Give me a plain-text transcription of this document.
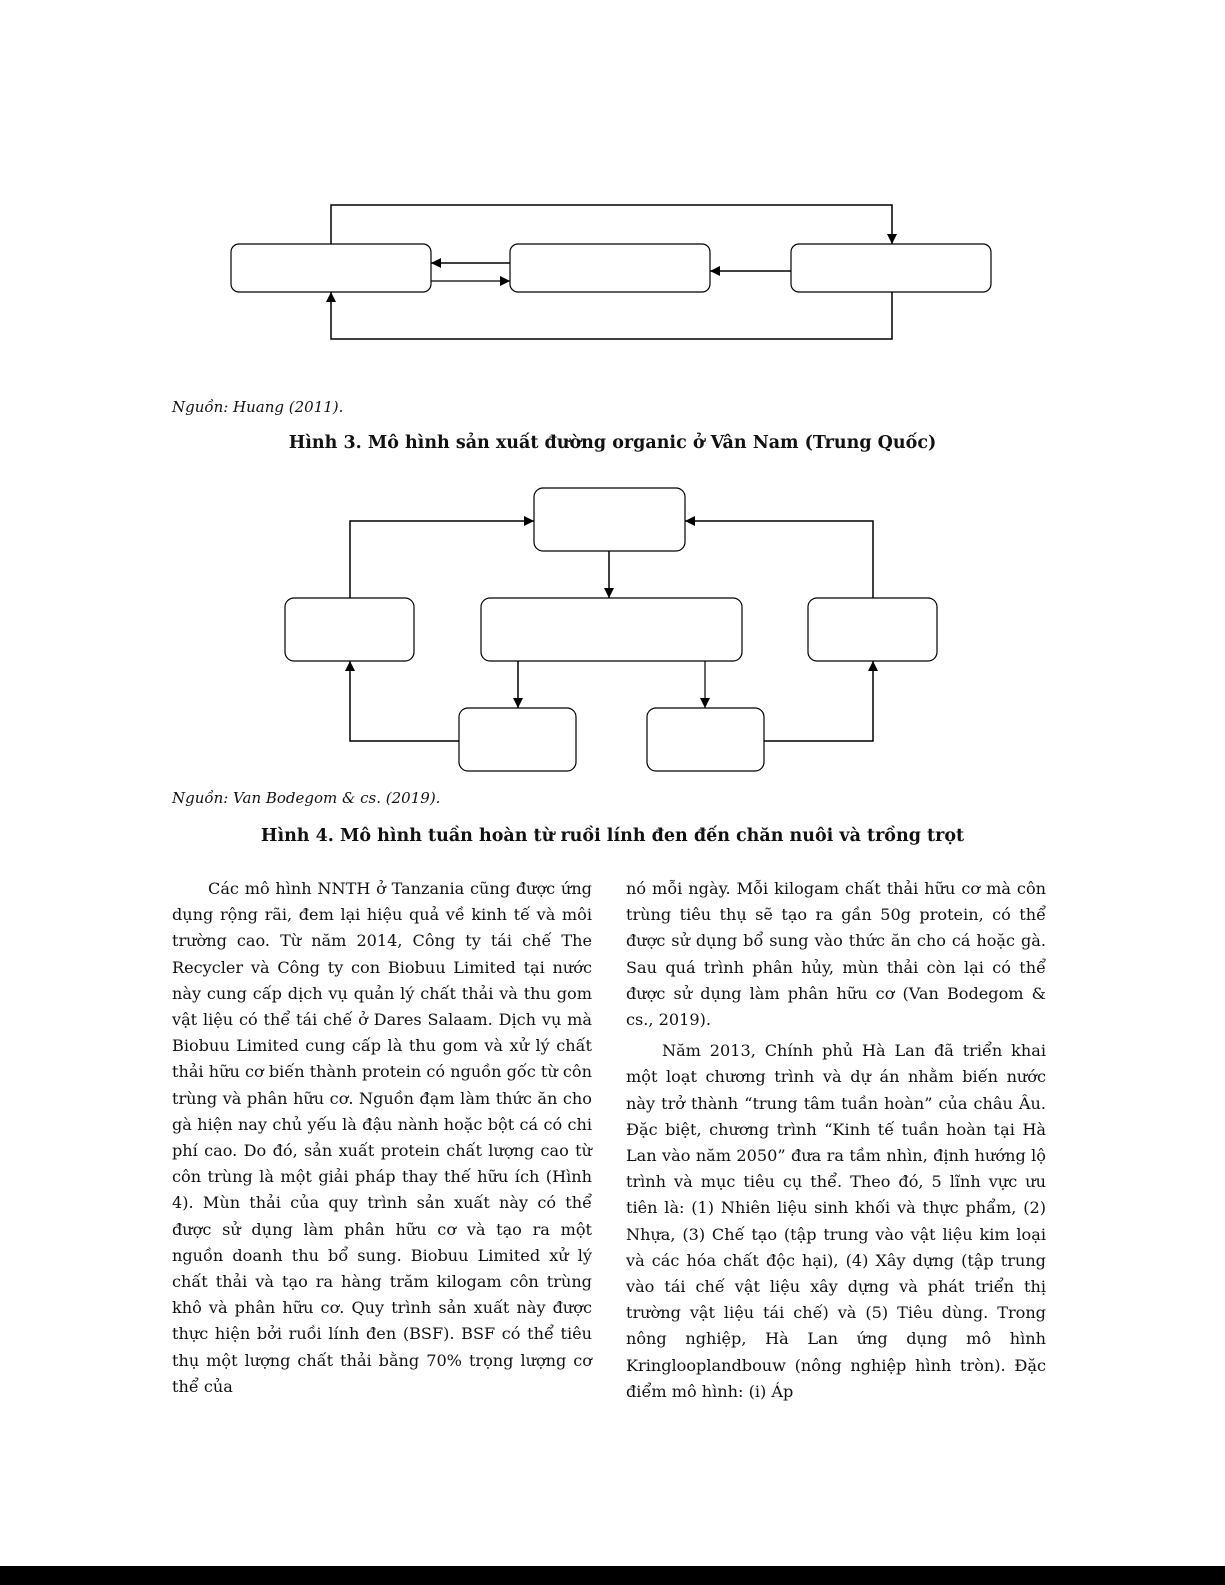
Nguồn: Huang (2011).
Hình 3. Mô hình sản xuất đường organic ở Vân Nam (Trung Quốc)
Nguồn: Van Bodegom & cs. (2019).
Hình 4. Mô hình tuần hoàn từ ruồi lính đen đến chăn nuôi và trồng trọt

Các mô hình NNTH ở Tanzania cũng được ứng dụng rộng rãi, đem lại hiệu quả về kinh tế và môi trường cao. Từ năm 2014, Công ty tái chế The Recycler và Công ty con Biobuu Limited tại nước này cung cấp dịch vụ quản lý chất thải và thu gom vật liệu có thể tái chế ở Dares Salaam. Dịch vụ mà Biobuu Limited cung cấp là thu gom và xử lý chất thải hữu cơ biến thành protein có nguồn gốc từ côn trùng và phân hữu cơ. Nguồn đạm làm thức ăn cho gà hiện nay chủ yếu là đậu nành hoặc bột cá có chi phí cao. Do đó, sản xuất protein chất lượng cao từ côn trùng là một giải pháp thay thế hữu ích (Hình 4). Mùn thải của quy trình sản xuất này có thể được sử dụng làm phân hữu cơ và tạo ra một nguồn doanh thu bổ sung. Biobuu Limited xử lý chất thải và tạo ra hàng trăm kilogam côn trùng khô và phân hữu cơ. Quy trình sản xuất này được thực hiện bởi ruồi lính đen (BSF). BSF có thể tiêu thụ một lượng chất thải bằng 70% trọng lượng cơ thể của

nó mỗi ngày. Mỗi kilogam chất thải hữu cơ mà côn trùng tiêu thụ sẽ tạo ra gần 50g protein, có thể được sử dụng bổ sung vào thức ăn cho cá hoặc gà. Sau quá trình phân hủy, mùn thải còn lại có thể được sử dụng làm phân hữu cơ (Van Bodegom & cs., 2019).

Năm 2013, Chính phủ Hà Lan đã triển khai một loạt chương trình và dự án nhằm biến nước này trở thành “trung tâm tuần hoàn” của châu Âu. Đặc biệt, chương trình “Kinh tế tuần hoàn tại Hà Lan vào năm 2050” đưa ra tầm nhìn, định hướng lộ trình và mục tiêu cụ thể. Theo đó, 5 lĩnh vực ưu tiên là: (1) Nhiên liệu sinh khối và thực phẩm, (2) Nhựa, (3) Chế tạo (tập trung vào vật liệu kim loại và các hóa chất độc hại), (4) Xây dựng (tập trung vào tái chế vật liệu xây dựng và phát triển thị trường vật liệu tái chế) và (5) Tiêu dùng. Trong nông nghiệp, Hà Lan ứng dụng mô hình Kringlooplandbouw (nông nghiệp hình tròn). Đặc điểm mô hình: (i) Áp
